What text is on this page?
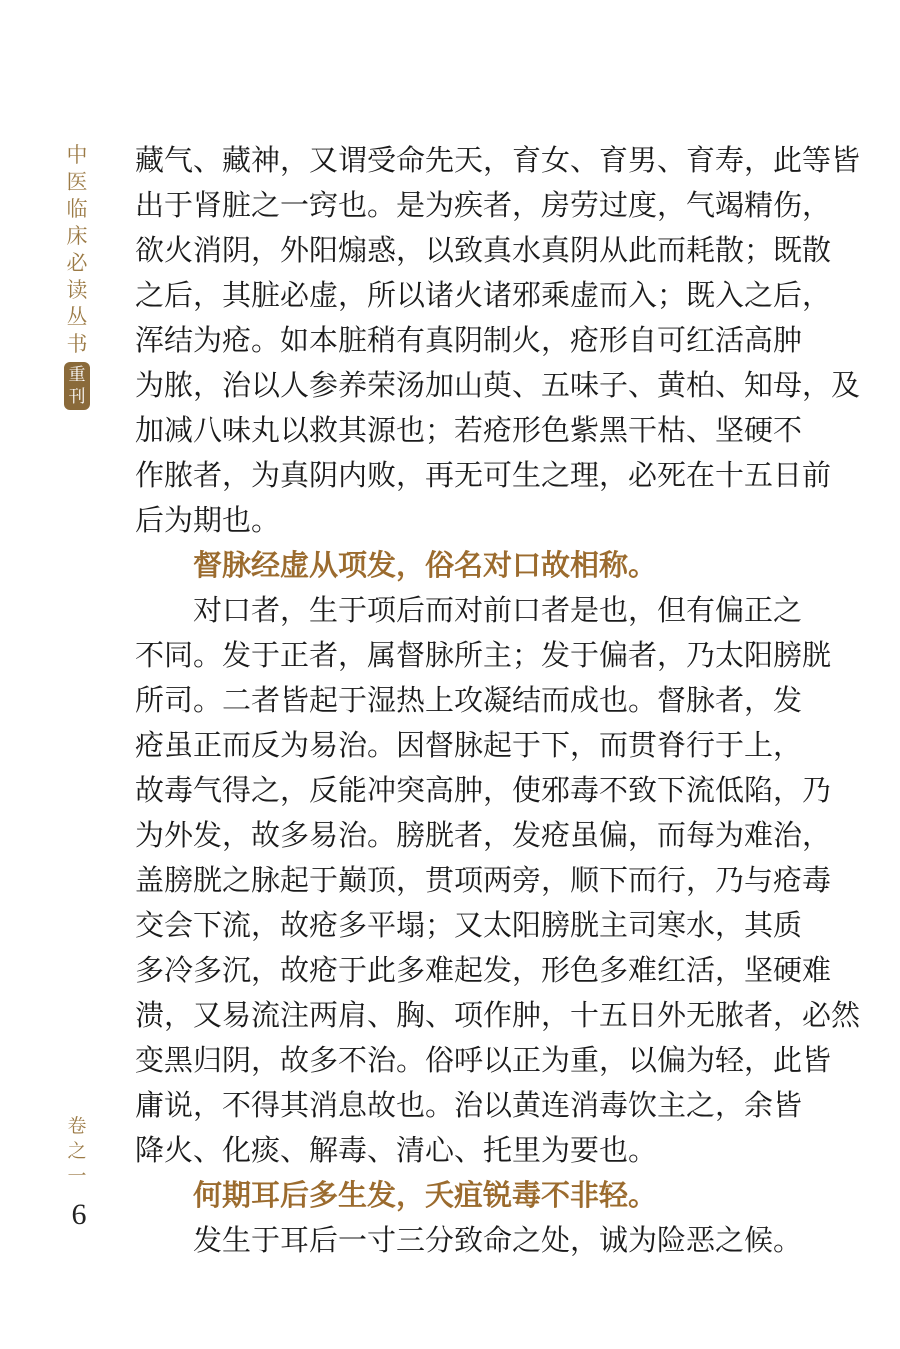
中
医
临
床
必
读
丛
书
重
刊
卷
之
一
6
藏气、藏神，又谓受命先天，育女、育男、育寿，此等皆
出于肾脏之一窍也。是为疾者，房劳过度，气竭精伤，
欲火消阴，外阳煽惑，以致真水真阴从此而耗散；既散
之后，其脏必虚，所以诸火诸邪乘虚而入；既入之后，
浑结为疮。如本脏稍有真阴制火，疮形自可红活高肿
为脓，治以人参养荣汤加山萸、五味子、黄柏、知母，及
加减八味丸以救其源也；若疮形色紫黑干枯、坚硬不
作脓者，为真阴内败，再无可生之理，必死在十五日前
后为期也。
督脉经虚从项发，俗名对口故相称。
对口者，生于项后而对前口者是也，但有偏正之
不同。发于正者，属督脉所主；发于偏者，乃太阳膀胱
所司。二者皆起于湿热上攻凝结而成也。督脉者，发
疮虽正而反为易治。因督脉起于下，而贯脊行于上，
故毒气得之，反能冲突高肿，使邪毒不致下流低陷，乃
为外发，故多易治。膀胱者，发疮虽偏，而每为难治，
盖膀胱之脉起于巅顶，贯项两旁，顺下而行，乃与疮毒
交会下流，故疮多平塌；又太阳膀胱主司寒水，其质
多冷多沉，故疮于此多难起发，形色多难红活，坚硬难
溃，又易流注两肩、胸、项作肿，十五日外无脓者，必然
变黑归阴，故多不治。俗呼以正为重，以偏为轻，此皆
庸说，不得其消息故也。治以黄连消毒饮主之，余皆
降火、化痰、解毒、清心、托里为要也。
何期耳后多生发，夭疽锐毒不非轻。
发生于耳后一寸三分致命之处，诚为险恶之候。
